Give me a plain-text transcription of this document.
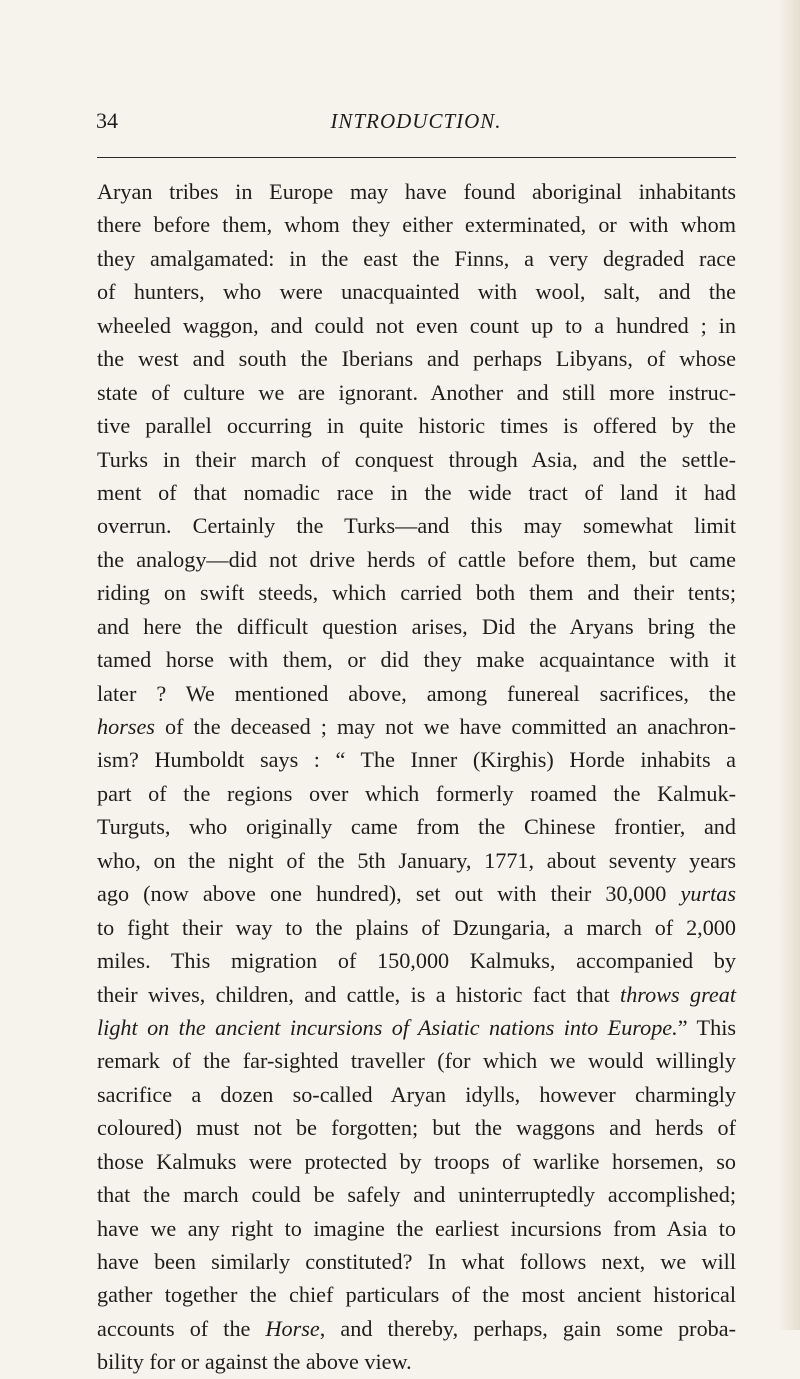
34	INTRODUCTION.
Aryan tribes in Europe may have found aboriginal inhabitants
there before them, whom they either exterminated, or with whom
they amalgamated: in the east the Finns, a very degraded race
of hunters, who were unacquainted with wool, salt, and the
wheeled waggon, and could not even count up to a hundred ; in
the west and south the Iberians and perhaps Libyans, of whose
state of culture we are ignorant. Another and still more instruc-
tive parallel occurring in quite historic times is offered by the
Turks in their march of conquest through Asia, and the settle-
ment of that nomadic race in the wide tract of land it had
overrun. Certainly the Turks—and this may somewhat limit
the analogy—did not drive herds of cattle before them, but came
riding on swift steeds, which carried both them and their tents;
and here the difficult question arises, Did the Aryans bring the
tamed horse with them, or did they make acquaintance with it
later ? We mentioned above, among funereal sacrifices, the
horses of the deceased ; may not we have committed an anachron-
ism? Humboldt says : “ The Inner (Kirghis) Horde inhabits a
part of the regions over which formerly roamed the Kalmuk-
Turguts, who originally came from the Chinese frontier, and
who, on the night of the 5th January, 1771, about seventy years
ago (now above one hundred), set out with their 30,000 yurtas
to fight their way to the plains of Dzungaria, a march of 2,000
miles. This migration of 150,000 Kalmuks, accompanied by
their wives, children, and cattle, is a historic fact that throws great
light on the ancient incursions of Asiatic nations into Europe.” This
remark of the far-sighted traveller (for which we would willingly
sacrifice a dozen so-called Aryan idylls, however charmingly
coloured) must not be forgotten; but the waggons and herds of
those Kalmuks were protected by troops of warlike horsemen, so
that the march could be safely and uninterruptedly accomplished;
have we any right to imagine the earliest incursions from Asia to
have been similarly constituted? In what follows next, we will
gather together the chief particulars of the most ancient historical
accounts of the Horse, and thereby, perhaps, gain some proba-
bility for or against the above view.
